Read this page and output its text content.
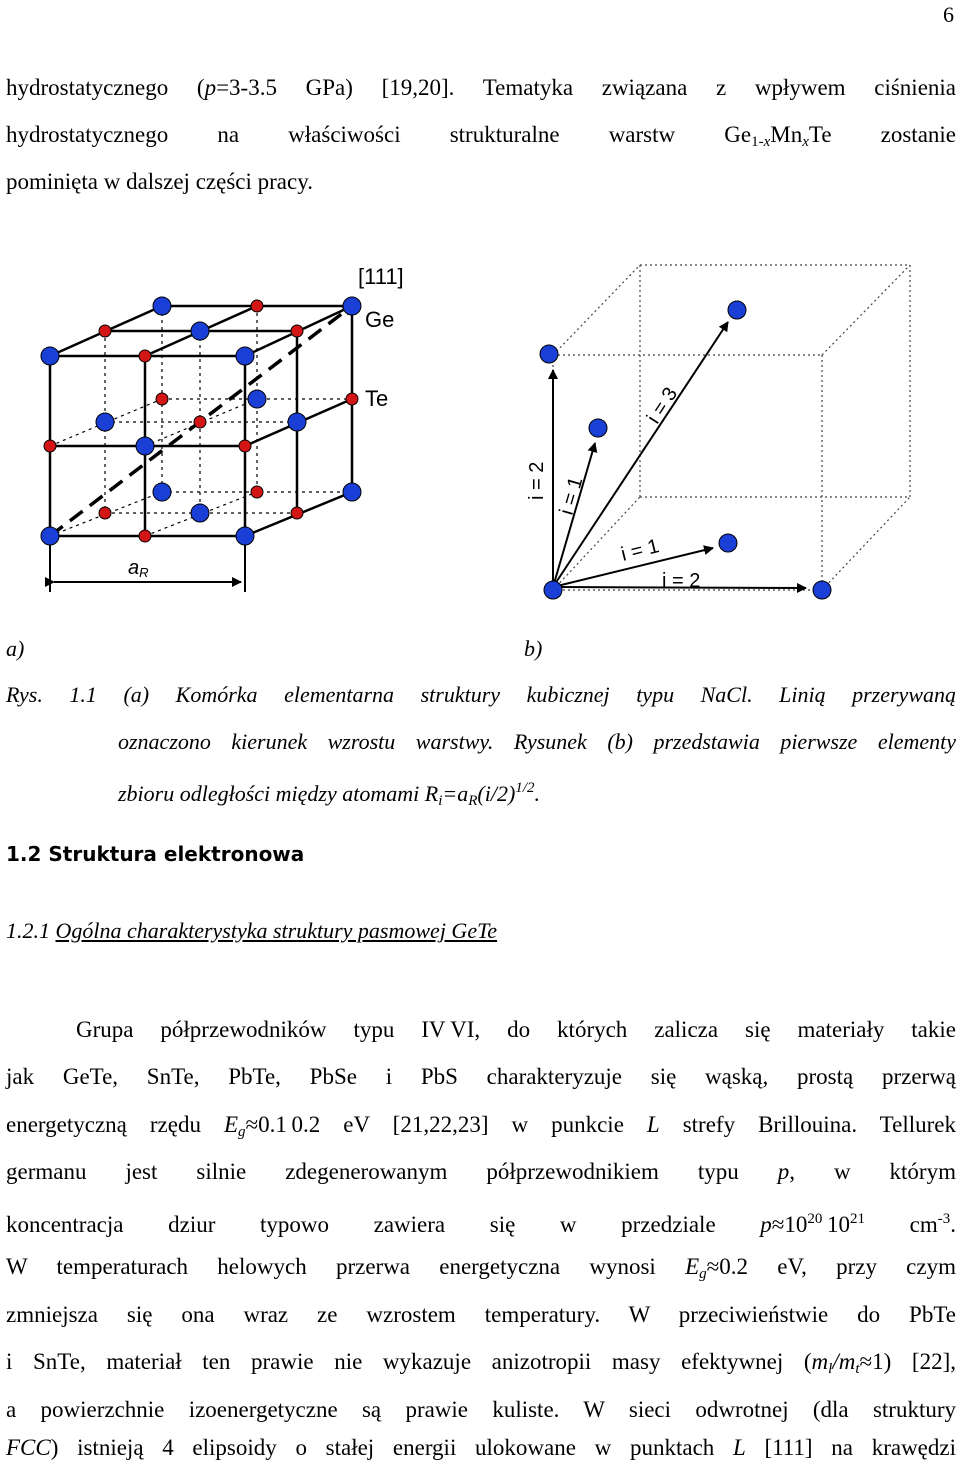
6

hydrostatycznego (p=3-3.5 GPa) [19,20]. Tematyka związana z wpływem ciśnienia

hydrostatycznego na właściwości strukturalne warstw $Ge_{1-x}Mn_xTe$ zostanie

pominięta w dalszej części pracy.

[111]
Ge
Te
aR
i = 2 i = 1
i = 3
i = 1
i = 2
a)	b)
Rys. 1.1 (a) Komórka elementarna struktury kubicznej typu NaCl. Linią przerywaną
oznaczono kierunek wzrostu warstwy. Rysunek (b) przedstawia pierwsze elementy
zbioru odległości między atomami $R_i=a_R(i/2)^{1/2}$.
1.2 Struktura elektronowa
1.2.1 Ogólna charakterystyka struktury pasmowej GeTe

Grupa półprzewodników typu IV VI, do których zalicza się materiały takie

jak GeTe, SnTe, PbTe, PbSe i PbS charakteryzuje się wąską, prostą przerwą

energetyczną rzędu $E_g\approx 0.1$ 0.2 eV [21,22,23] w punkcie L strefy Brillouina. Tellurek

germanu jest silnie zdegenerowanym półprzewodnikiem typu p, w którym

koncentracja dziur typowo zawiera się w przedziale $p\approx 10^{20}$ $10^{21}$ $cm^{-3}$.

W temperaturach helowych przerwa energetyczna wynosi $E_g\approx 0.2$ eV, przy czym

zmniejsza się ona wraz ze wzrostem temperatury. W przeciwieństwie do PbTe

i SnTe, materiał ten prawie nie wykazuje anizotropii masy efektywnej $(m_l/m_t\approx 1)$ [22],

a powierzchnie izoenergetyczne są prawie kuliste. W sieci odwrotnej (dla struktury

FCC) istnieją 4 elipsoidy o stałej energii ulokowane w punktach L [111] na krawędzi
